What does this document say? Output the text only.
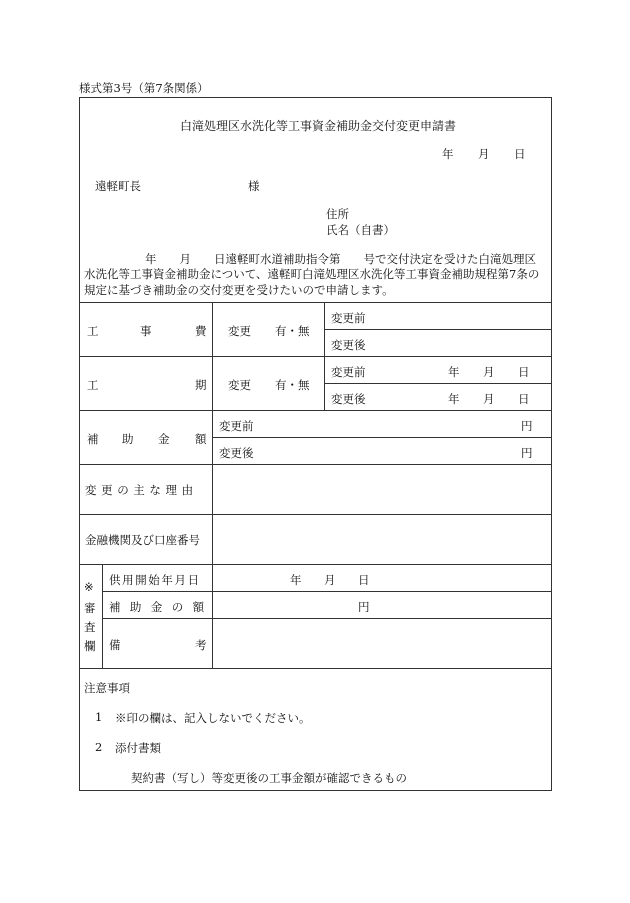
様式第3号（第7条関係）
白滝処理区水洗化等工事資金補助金交付変更申請書
年 月 日
遠軽町長	様
住所
氏名（自書）
年　　月　　日遠軽町水道補助指令第　　号で交付決定を受けた白滝処理区
水洗化等工事資金補助金について、遠軽町白滝処理区水洗化等工事資金補助規程第7条の
規定に基づき補助金の交付変更を受けたいので申請します。
工	事	費 変更 有・無
変更前
変更後
工	期 変更 有・無
変更前	年 月 日
変更後	年 月 日
補 助 金 額
変更前	円
変更後	円
変更の主な理由
金融機関及び口座番号
※
審
査
欄
供用開始年月日	年 月 日
補助金の額	円
備	考
注意事項
1 ※印の欄は、記入しないでください。
2 添付書類
契約書（写し）等変更後の工事金額が確認できるもの
